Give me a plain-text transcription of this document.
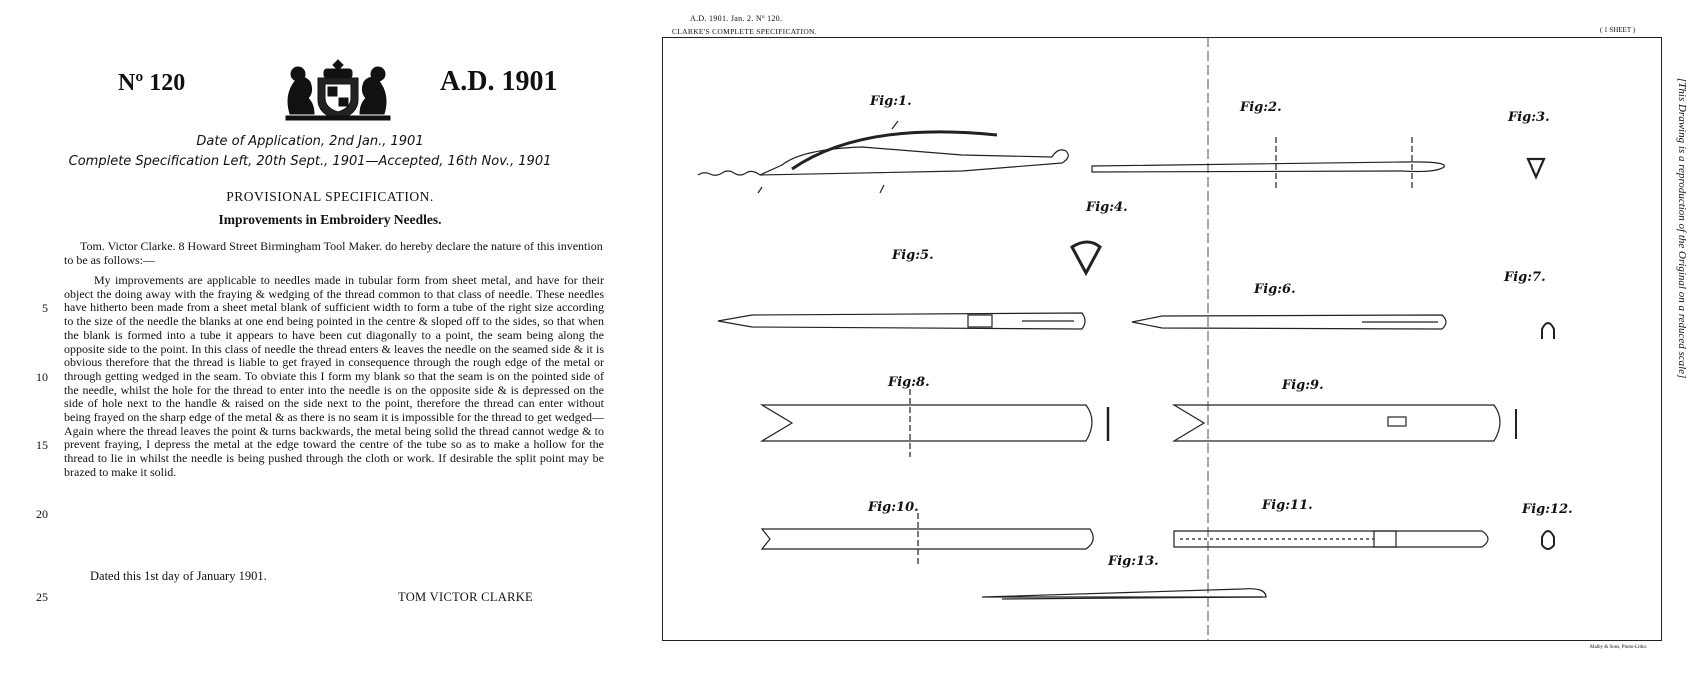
Nº 120	A.D. 1901
Date of Application, 2nd Jan., 1901
Complete Specification Left, 20th Sept., 1901—Accepted, 16th Nov., 1901
PROVISIONAL SPECIFICATION.
Improvements in Embroidery Needles.
Tom. Victor Clarke. 8 Howard Street Birmingham Tool Maker. do hereby declare the nature of this invention to be as follows:—
My improvements are applicable to needles made in tubular form from sheet metal, and have for their object the doing away with the fraying & wedging of the thread common to that class of needle. These needles have hitherto been made from a sheet metal blank of sufficient width to form a tube of the right size according to the size of the needle the blanks at one end being pointed in the centre & sloped off to the sides, so that when the blank is formed into a tube it appears to have been cut diagonally to a point, the seam being along the opposite side to the point. In this class of needle the thread enters & leaves the needle on the seamed side & it is obvious therefore that the thread is liable to get frayed in consequence through the rough edge of the metal or through getting wedged in the seam. To obviate this I form my blank so that the seam is on the pointed side of the needle, whilst the hole for the thread to enter into the needle is on the opposite side & is depressed on the side of hole next to the handle & raised on the side next to the point, therefore the thread can enter without being frayed on the sharp edge of the metal & as there is no seam it is impossible for the thread to get wedged—Again where the thread leaves the point & turns backwards, the metal being solid the thread cannot wedge & to prevent fraying, I depress the metal at the edge toward the centre of the tube so as to make a hollow for the thread to lie in whilst the needle is being pushed through the cloth or work. If desirable the split point may be brazed to make it solid.
5
10
15
20
25
Dated this 1st day of January 1901.
TOM VICTOR CLARKE
A.D. 1901. Jan. 2. Nº 120.
CLARKE'S COMPLETE SPECIFICATION.	( 1 SHEET )
[This Drawing is a reproduction of the Original on a reduced scale]
Malby & Sons, Photo-Litho.
Fig:1.	Fig:2.
Fig:3.
Fig:4.
Fig:5.
Fig:6.
Fig:7.
Fig:8.	Fig:9.
Fig:10.	Fig:11.	Fig:12.
Fig:13.
